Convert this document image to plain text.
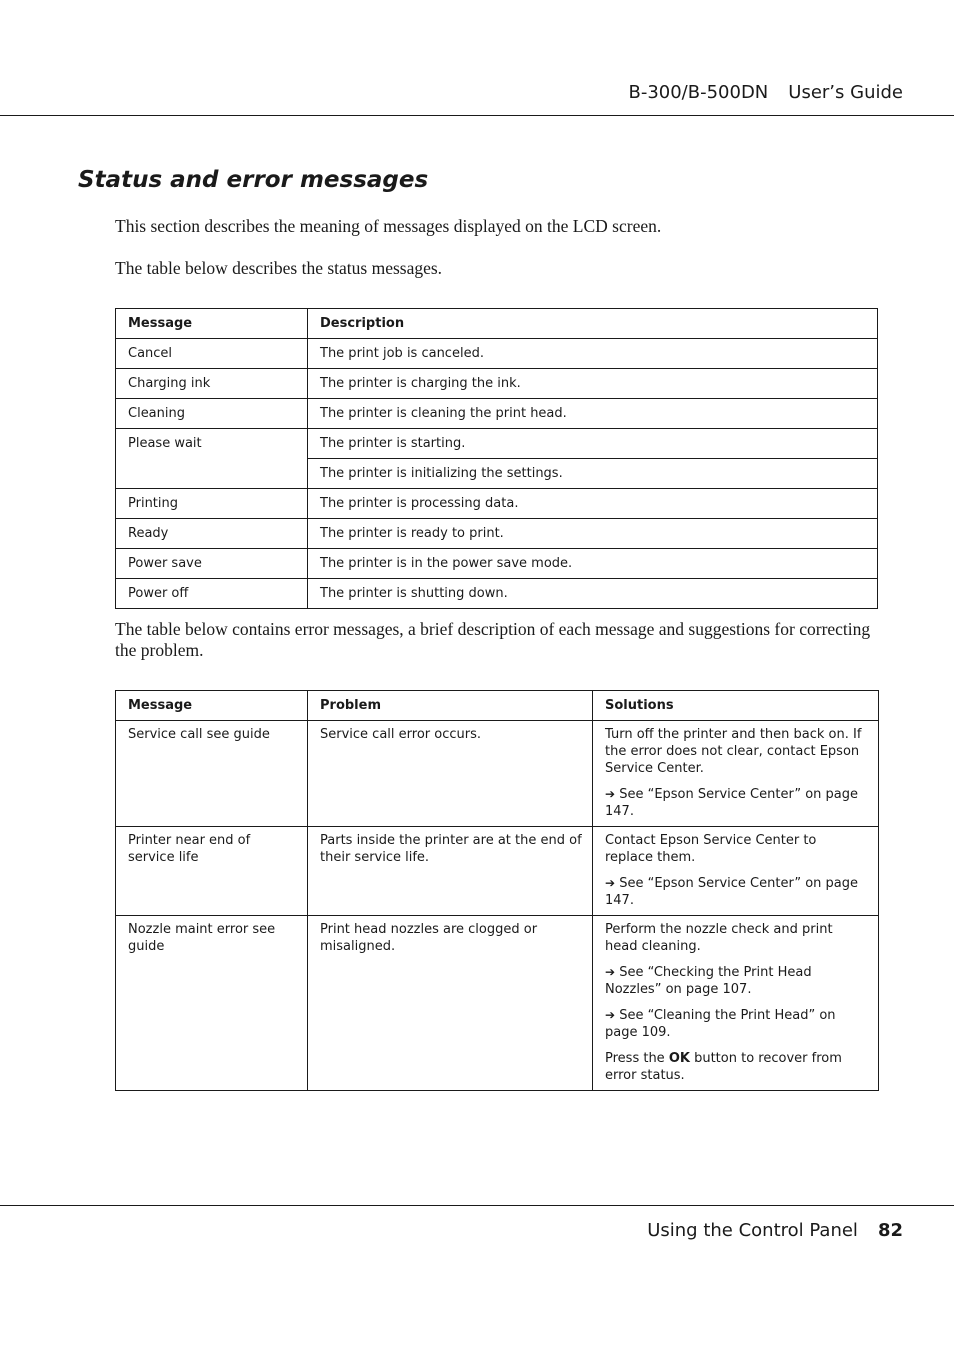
B-300/B-500DN User’s Guide
Status and error messages

This section describes the meaning of messages displayed on the LCD screen.

The table below describes the status messages.

Message	Description
Cancel	The print job is canceled.
Charging ink	The printer is charging the ink.
Cleaning	The printer is cleaning the print head.
Please wait	The printer is starting.
	The printer is initializing the settings.
Printing	The printer is processing data.
Ready	The printer is ready to print.
Power save	The printer is in the power save mode.
Power off	The printer is shutting down.

The table below contains error messages, a brief description of each message and suggestions for correcting the problem.

Message	Problem	Solutions
Service call see guide	Service call error occurs.	Turn off the printer and then back on. If the error does not clear, contact Epson Service Center.

➔ See “Epson Service Center” on page 147.

Printer near end of service life	Parts inside the printer are at the end of their service life.	Contact Epson Service Center to replace them.

➔ See “Epson Service Center” on page 147.

Nozzle maint error see guide	Print head nozzles are clogged or misaligned.	Perform the nozzle check and print head cleaning.

➔ See “Checking the Print Head Nozzles” on page 107.

➔ See “Cleaning the Print Head” on page 109.

Press the OK button to recover from error status.

Using the Control Panel 82
